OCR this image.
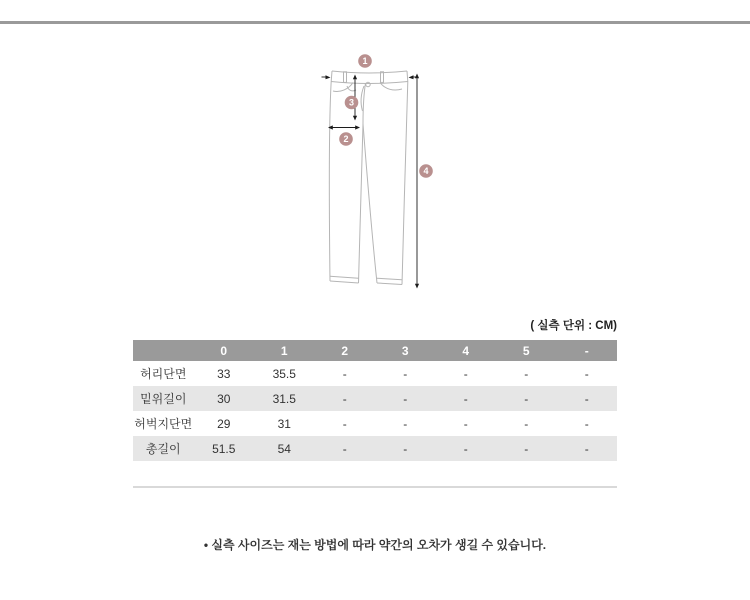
1
2
3
4
( 실측 단위 : CM)
	0	1	2	3	4	5	-
허리단면	33	35.5	-	-	-	-	-
밑위길이	30	31.5	-	-	-	-	-
허벅지단면	29	31	-	-	-	-	-
총길이	51.5	54	-	-	-	-	-
• 실측 사이즈는 재는 방법에 따라 약간의 오차가 생길 수 있습니다.
